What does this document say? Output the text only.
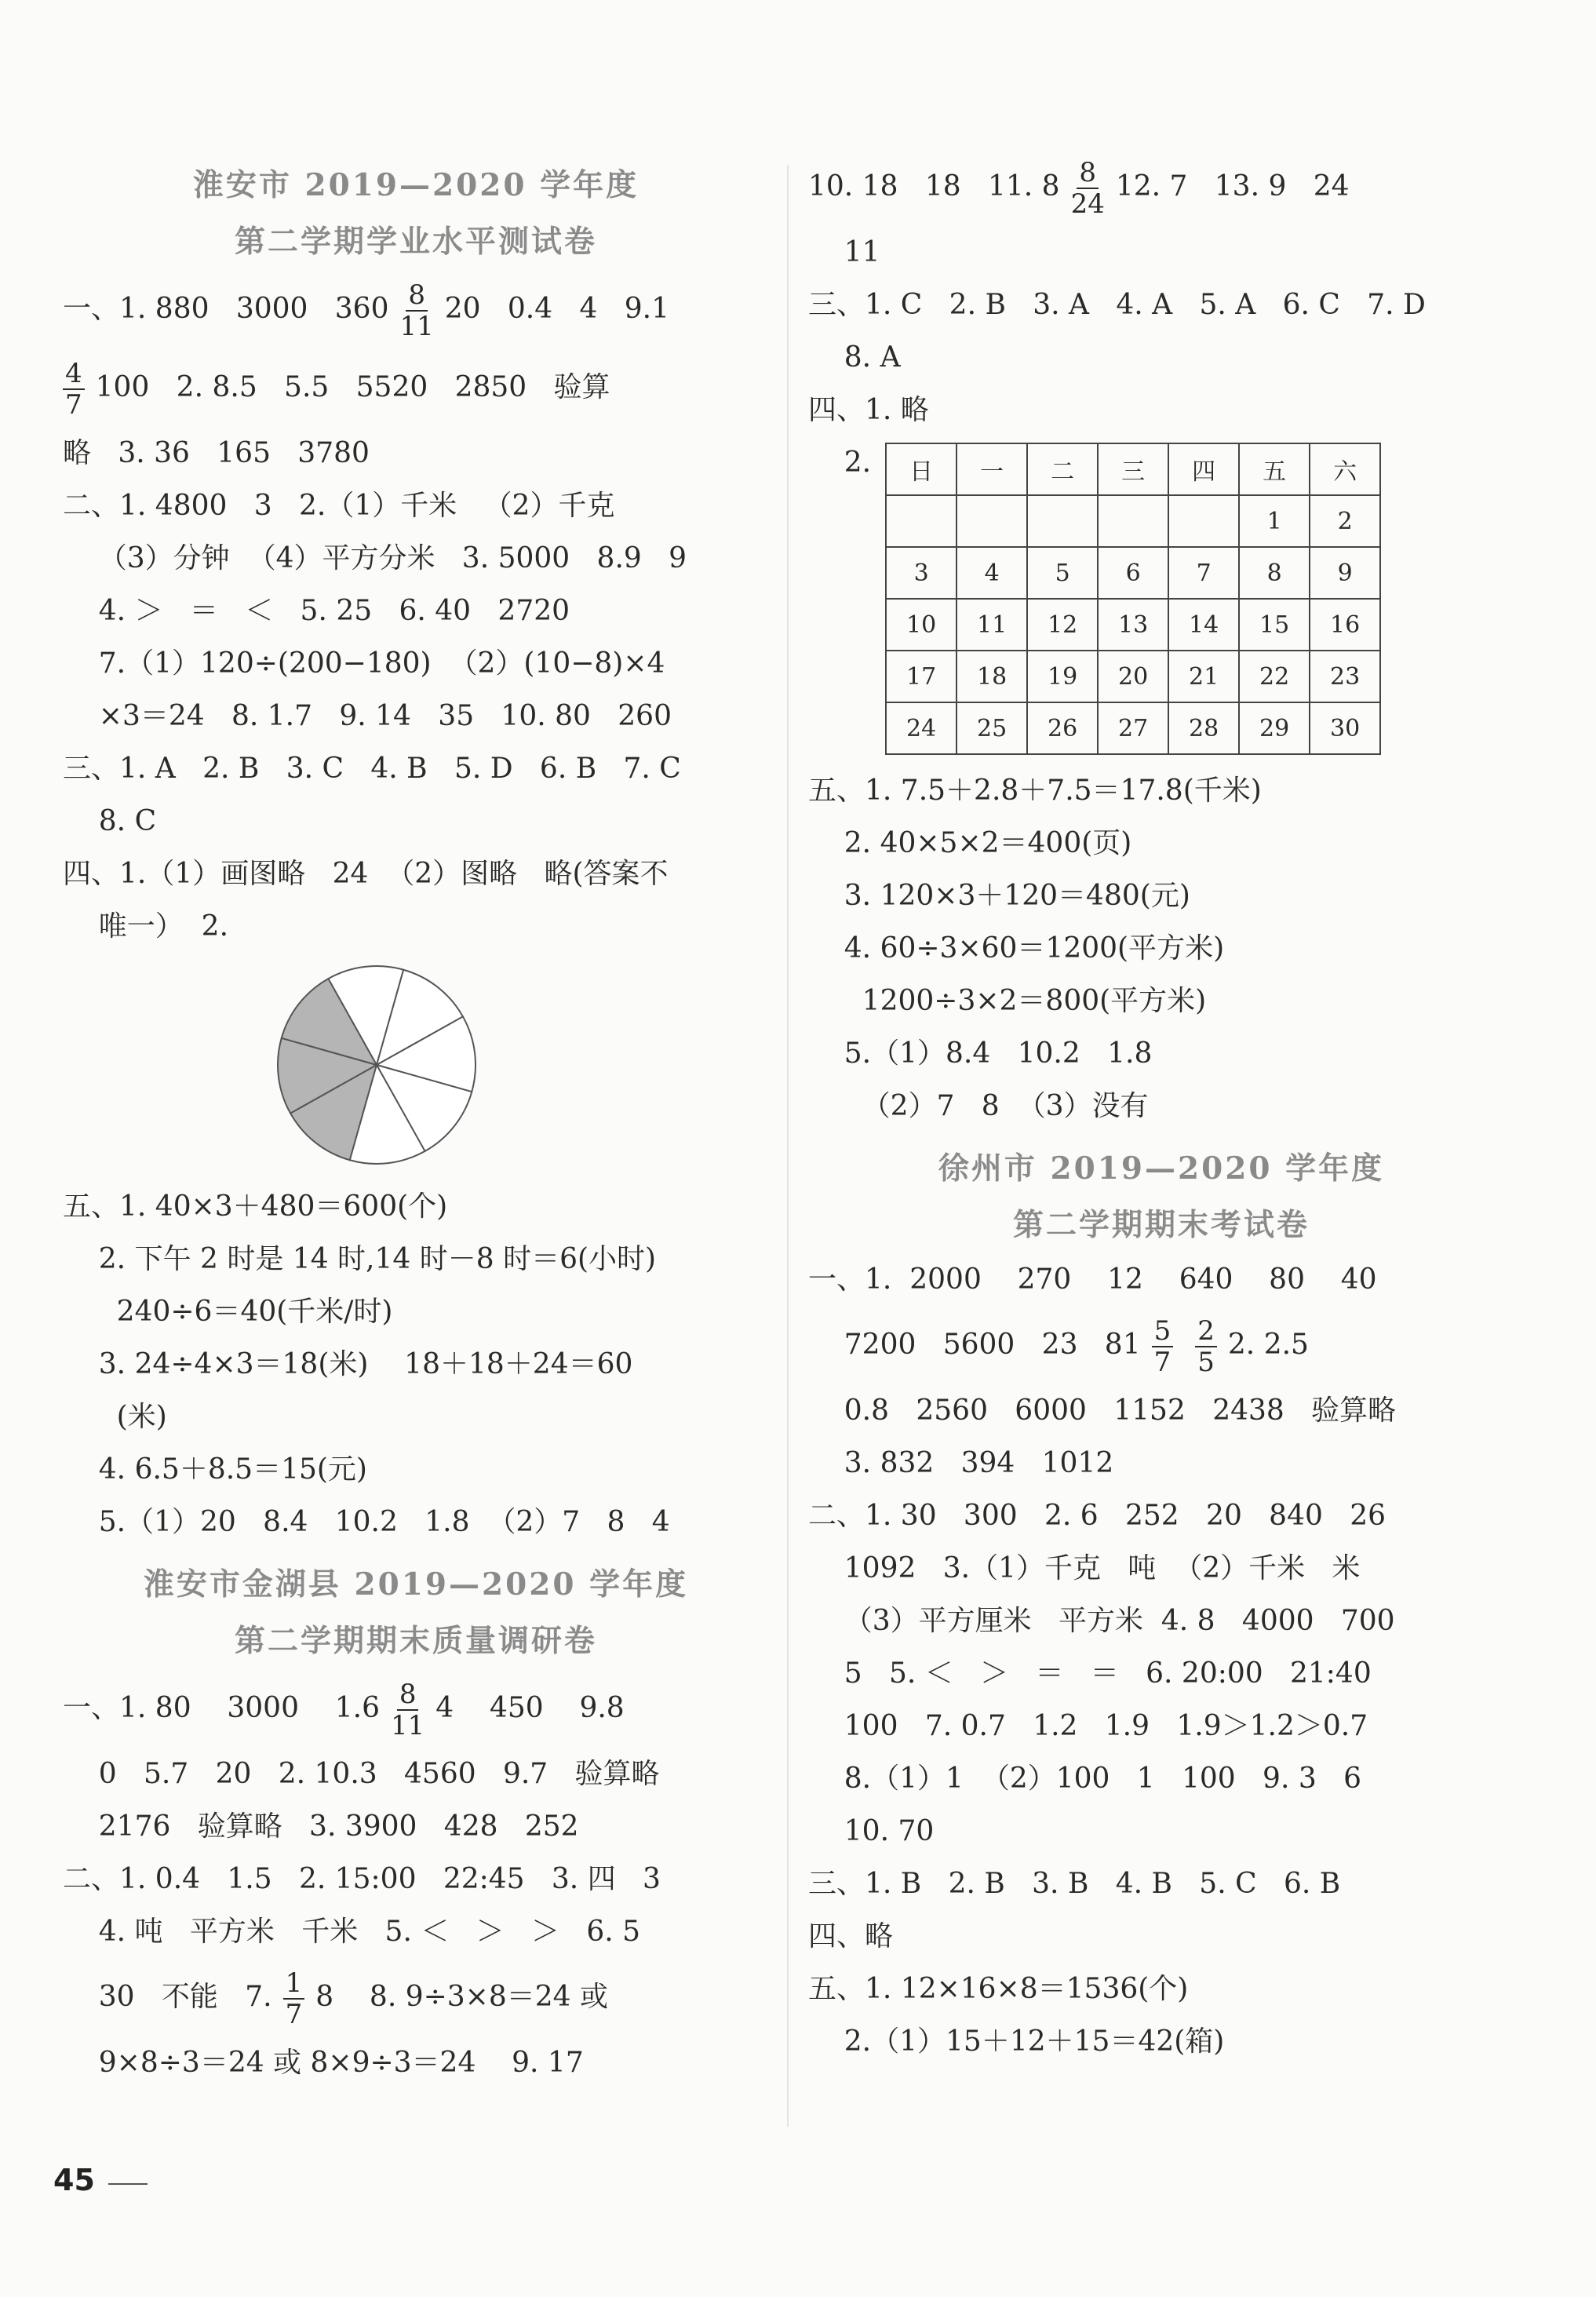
淮安市 2019—2020 学年度
第二学期学业水平测试卷
一、1. 880   3000   $360 \frac{8}{11} 20$   0.4   4   9.1
$\frac{4}{7} 100$   2. 8.5   5.5   5520   2850   验算
略   3. 36   165   3780
二、1. 4800   3   2.（1）千米   （2）千克
（3）分钟  （4）平方分米   3. 5000   8.9   9
4. ＞   ＝   ＜   5. 25   6. 40   2720
7.（1）120÷(200−180)  （2）(10−8)×4
×3＝24   8. 1.7   9. 14   35   10. 80   260
三、1. A   2. B   3. C   4. B   5. D   6. B   7. C
8. C
四、1.（1）画图略   24  （2）图略   略(答案不
唯一）  2.
五、1. 40×3＋480＝600(个)
2. 下午 2 时是 14 时,14 时－8 时＝6(小时)
240÷6＝40(千米/时)
3. 24÷4×3＝18(米)    18＋18＋24＝60
(米)
4. 6.5＋8.5＝15(元)
5.（1）20   8.4   10.2   1.8  （2）7   8   4
淮安市金湖县 2019—2020 学年度
第二学期期末质量调研卷
一、1. 80    3000    $1.6 \frac{8}{11} 4$    450    9.8
0   5.7   20   2. 10.3   4560   9.7   验算略
2176   验算略   3. 3900   428   252
二、1. 0.4   1.5   2. 15:00   22:45   3. 四   3
4. 吨   平方米   千米   5. ＜   ＞   ＞   6. 5
30   不能   7. $\frac{1}{7} 8$    8. 9÷3×8＝24 或
9×8÷3＝24 或 8×9÷3＝24    9. 17
10. 18   18   11. $8 \frac{8}{24} 12$. 7   13. 9   24
11
三、1. C   2. B   3. A   4. A   5. A   6. C   7. D
8. A
四、1. 略
2. 日	一	二	三	四	五	六
					1	2
3	4	5	6	7	8	9
10	11	12	13	14	15	16
17	18	19	20	21	22	23
24	25	26	27	28	29	30
五、1. 7.5＋2.8＋7.5＝17.8(千米)
2. 40×5×2＝400(页)
3. 120×3＋120＝480(元)
4. 60÷3×60＝1200(平方米)
1200÷3×2＝800(平方米)
5.（1）8.4   10.2   1.8
（2）7   8  （3）没有
徐州市 2019—2020 学年度
第二学期期末考试卷
一、1.  2000    270    12    640    80    40
7200   5600   23   $81 \frac{5}{7} \frac{2}{5} 2$. 2.5
0.8   2560   6000   1152   2438   验算略
3. 832   394   1012
二、1. 30   300   2. 6   252   20   840   26
1092   3.（1）千克   吨  （2）千米   米
（3）平方厘米   平方米  4. 8   4000   700
5   5. ＜   ＞   ＝   ＝   6. 20:00   21:40
100   7. 0.7   1.2   1.9   1.9＞1.2＞0.7
8.（1）1  （2）100   1   100   9. 3   6
10. 70
三、1. B   2. B   3. B   4. B   5. C   6. B
四、略
五、1. 12×16×8＝1536(个)
2.（1）15＋12＋15＝42(箱)
45
